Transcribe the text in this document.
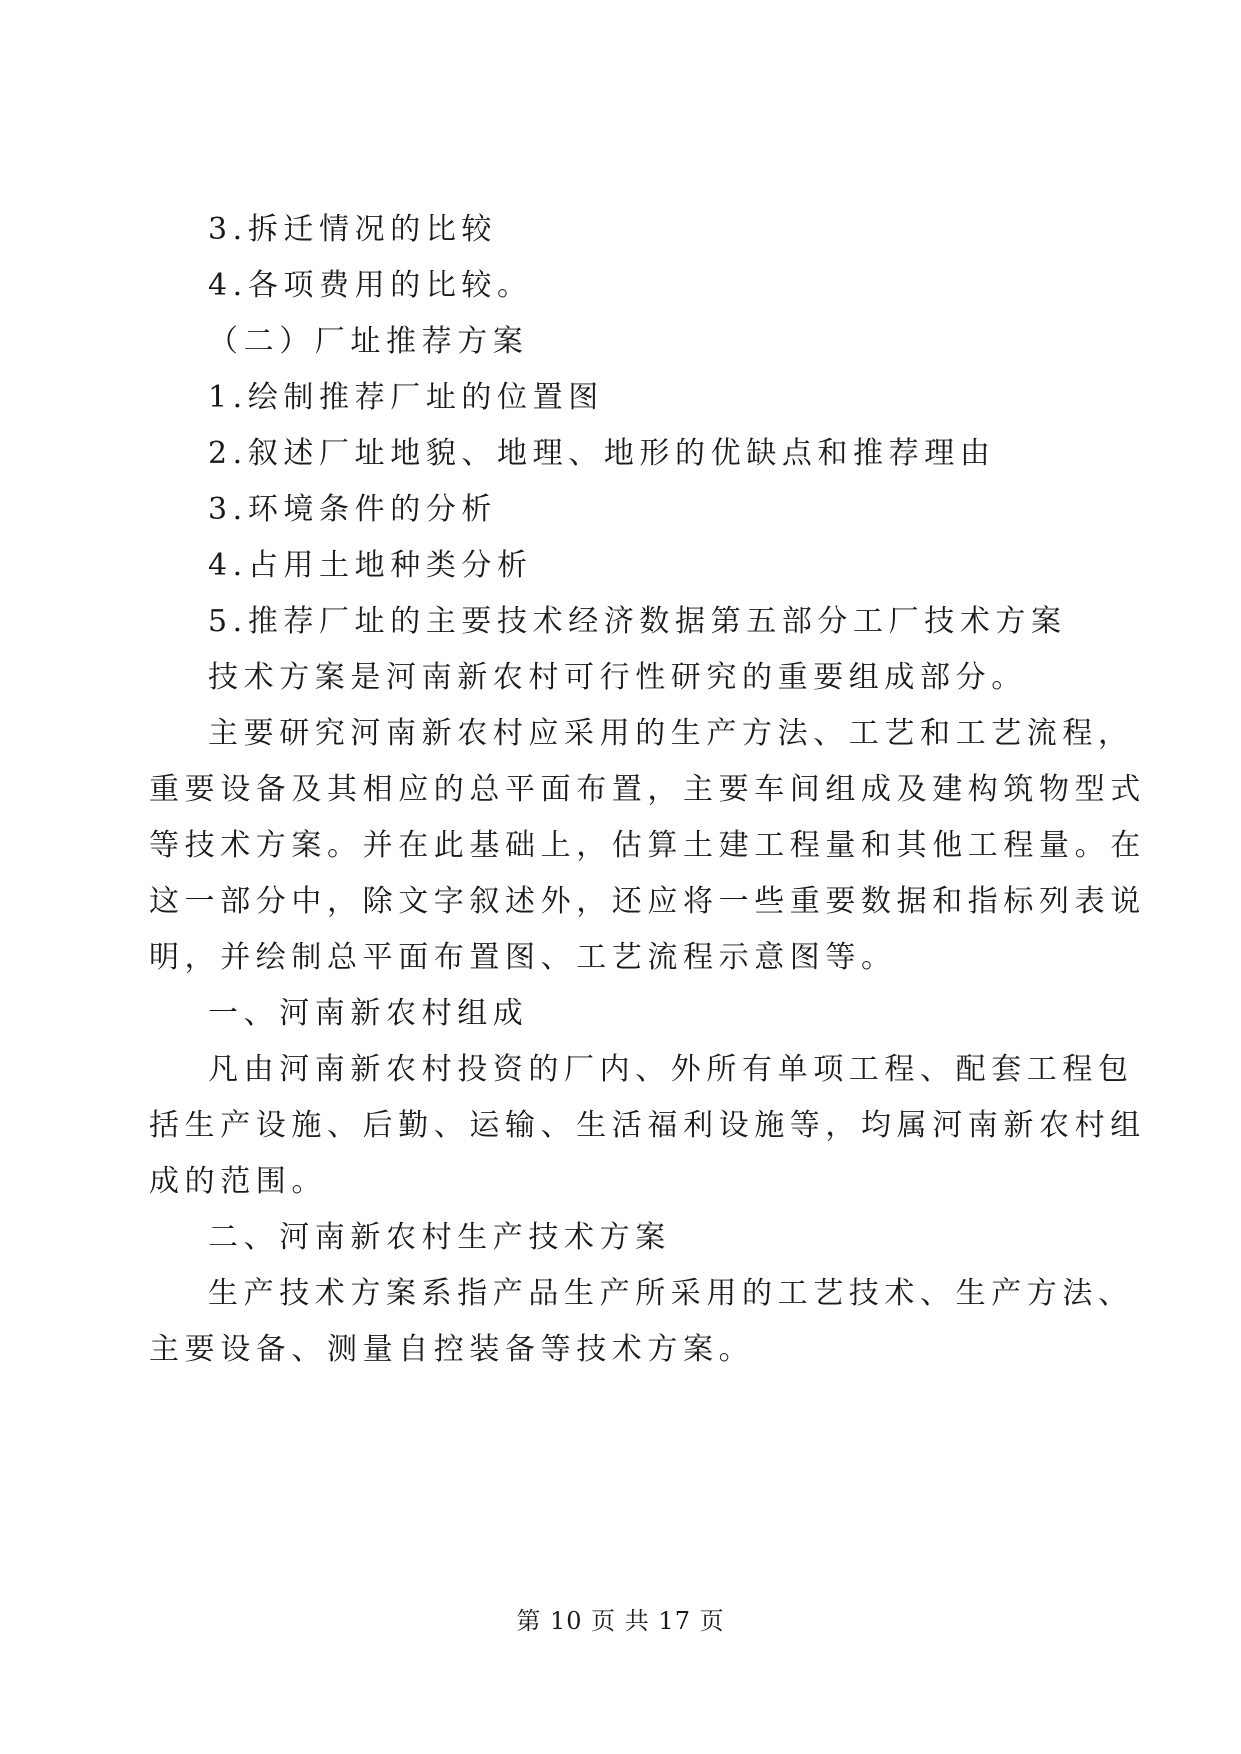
3.拆迁情况的比较
4.各项费用的比较。
（二）厂址推荐方案
1.绘制推荐厂址的位置图
2.叙述厂址地貌、地理、地形的优缺点和推荐理由
3.环境条件的分析
4.占用土地种类分析
5.推荐厂址的主要技术经济数据第五部分工厂技术方案
技术方案是河南新农村可行性研究的重要组成部分。
主要研究河南新农村应采用的生产方法、工艺和工艺流程，
重要设备及其相应的总平面布置，主要车间组成及建构筑物型式
等技术方案。并在此基础上，估算土建工程量和其他工程量。在
这一部分中，除文字叙述外，还应将一些重要数据和指标列表说
明，并绘制总平面布置图、工艺流程示意图等。
一、河南新农村组成
凡由河南新农村投资的厂内、外所有单项工程、配套工程包
括生产设施、后勤、运输、生活福利设施等，均属河南新农村组
成的范围。
二、河南新农村生产技术方案
生产技术方案系指产品生产所采用的工艺技术、生产方法、
主要设备、测量自控装备等技术方案。
第 10 页 共 17 页
